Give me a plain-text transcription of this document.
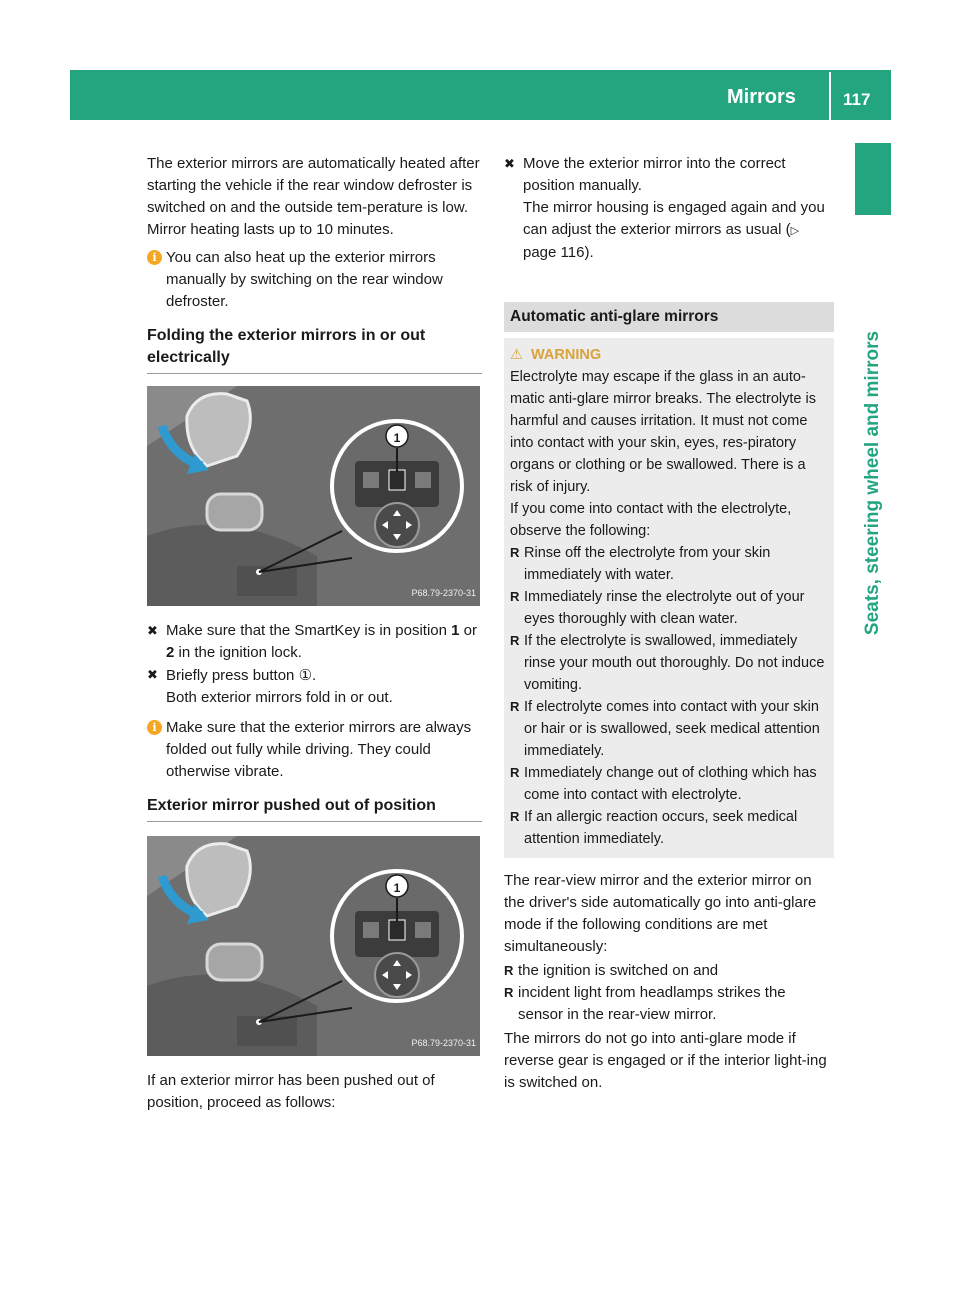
Mirrors	117
Seats, steering wheel and mirrors

The exterior mirrors are automatically heated after starting the vehicle if the rear window defroster is switched on and the outside tem-perature is low. Mirror heating lasts up to 10 minutes.

i You can also heat up the exterior mirrors manually by switching on the rear window defroster.
Folding the exterior mirrors in or out electrically
1
P68.79-2370-31
✖ Make sure that the SmartKey is in position 1 or 2 in the ignition lock.
✖ Briefly press button ①.
Both exterior mirrors fold in or out.
i Make sure that the exterior mirrors are always folded out fully while driving. They could otherwise vibrate.
Exterior mirror pushed out of position
1
P68.79-2370-31

If an exterior mirror has been pushed out of position, proceed as follows:

✖ Move the exterior mirror into the correct position manually.
The mirror housing is engaged again and you can adjust the exterior mirrors as usual (▷ page 116).
Automatic anti-glare mirrors
⚠ WARNING

Electrolyte may escape if the glass in an auto-matic anti-glare mirror breaks. The electrolyte is harmful and causes irritation. It must not come into contact with your skin, eyes, res-piratory organs or clothing or be swallowed. There is a risk of injury.

If you come into contact with the electrolyte, observe the following:

R Rinse off the electrolyte from your skin immediately with water.
R Immediately rinse the electrolyte out of your eyes thoroughly with clean water.
R If the electrolyte is swallowed, immediately rinse your mouth out thoroughly. Do not induce vomiting.
R If electrolyte comes into contact with your skin or hair or is swallowed, seek medical attention immediately.
R Immediately change out of clothing which has come into contact with electrolyte.
R If an allergic reaction occurs, seek medical attention immediately.

The rear-view mirror and the exterior mirror on the driver's side automatically go into anti-glare mode if the following conditions are met simultaneously:

R the ignition is switched on and
R incident light from headlamps strikes the sensor in the rear-view mirror.

The mirrors do not go into anti-glare mode if reverse gear is engaged or if the interior light-ing is switched on.
